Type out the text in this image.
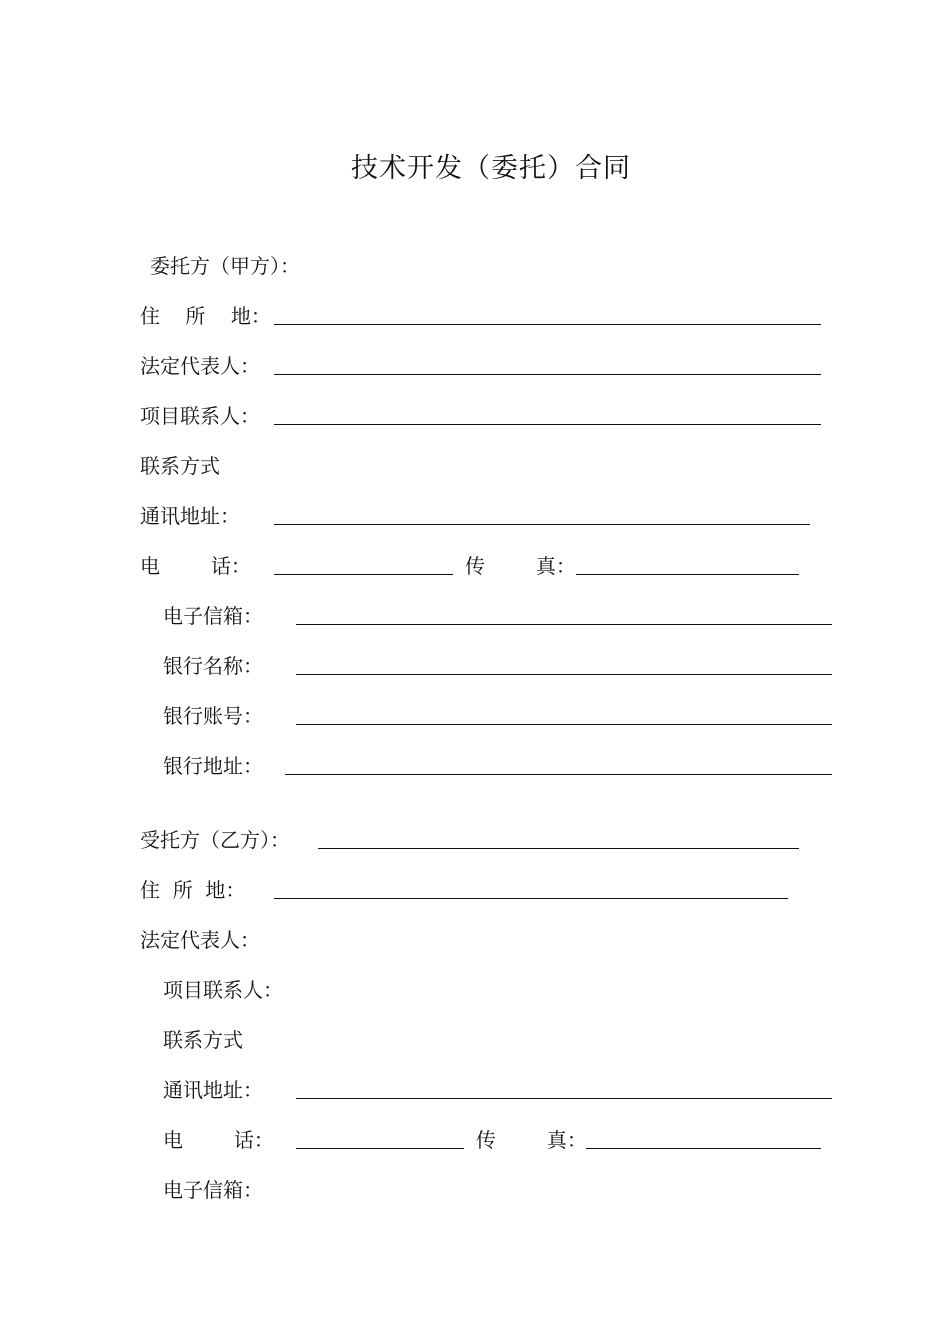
技术开发（委托）合同
委托方（甲方）：
住    所    地：
法定代表人：
项目联系人：
联系方式
通讯地址：
电        话：	传        真：
电子信箱：
银行名称：
银行账号：
银行地址：
受托方（乙方）：
住  所  地：
法定代表人：
项目联系人：
联系方式
通讯地址：
电        话：	传        真：
电子信箱：
